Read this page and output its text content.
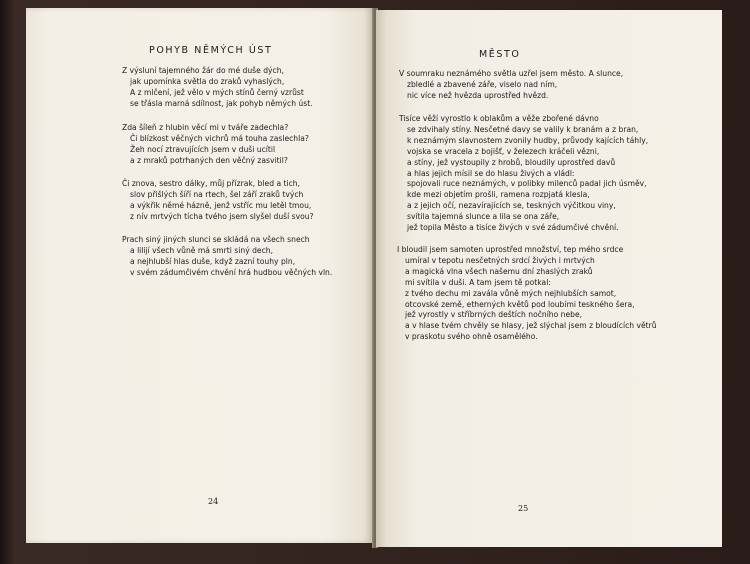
POHYB NĚMÝCH ÚST
Z výsluní tajemného žár do mé duše dých,
jak upomínka světla do zraků vyhaslých,
A z mlčení, jež vělo v mých stínů černý vzrůst
se třásla marná sdílnost, jak pohyb němých úst.
Zda šíleň z hlubin věcí mi v tváře zadechla?
Či blízkost věčných vichrů má touha zaslechla?
Žeh nocí ztravujících jsem v duši ucítil
a z mraků potrhaných den věčný zasvitil?
Či znova, sestro dálky, můj přízrak, bled a tich,
slov přišlých šíří na rtech, šel září zraků tvých
a výkřik němé házně, jenž vstříc mu letěl tmou,
z nív mrtvých tícha tvého jsem slyšel duší svou?
Prach siný jiných slunci se skládá na všech snech
a lilijí všech vůně má smrti siný dech,
a nejhlubší hlas duše, když zazní touhy pln,
v svém zádumčivém chvění hrá hudbou věčných vln.
24
MĚSTO
V soumraku neznámého světla uzřel jsem město. A slunce,
zbledlé a zbavené záře, viselo nad ním,
nic více než hvězda uprostřed hvězd.
Tisíce věží vyrostlo k oblakům a věže zbořené dávno
se zdvihaly stíny. Nesčetné davy se valily k branám a z bran,
k neznámým slavnostem zvonily hudby, průvody kajících táhly,
vojska se vracela z bojišť, v železech kráčeli vězni,
a stíny, jež vystoupily z hrobů, bloudily uprostřed davů
a hlas jejich mísil se do hlasu živých a vládl:
spojovali ruce neznámých, v polibky milenců padal jich úsměv,
kde mezi objetím prošli, ramena rozpjatá klesla,
a z jejich očí, nezavírajících se, teskných výčitkou viny,
svítila tajemná slunce a lila se ona záře,
jež topila Město a tisíce živých v své zádumčivé chvění.
I bloudil jsem samoten uprostřed množství, tep mého srdce
umíral v tepotu nesčetných srdcí živých i mrtvých
a magická vlna všech našemu dní zhaslých zraků
mi svítila v duši. A tam jsem tě potkal:
z tvého dechu mi zavála vůně mých nejhlubších samot,
otcovské země, etherných květů pod loubími teskného šera,
jež vyrostly v stříbrných deštích nočního nebe,
a v hlase tvém chvěly se hlasy, jež slýchal jsem z bloudících větrů
v praskotu svého ohně osamělého.
25
